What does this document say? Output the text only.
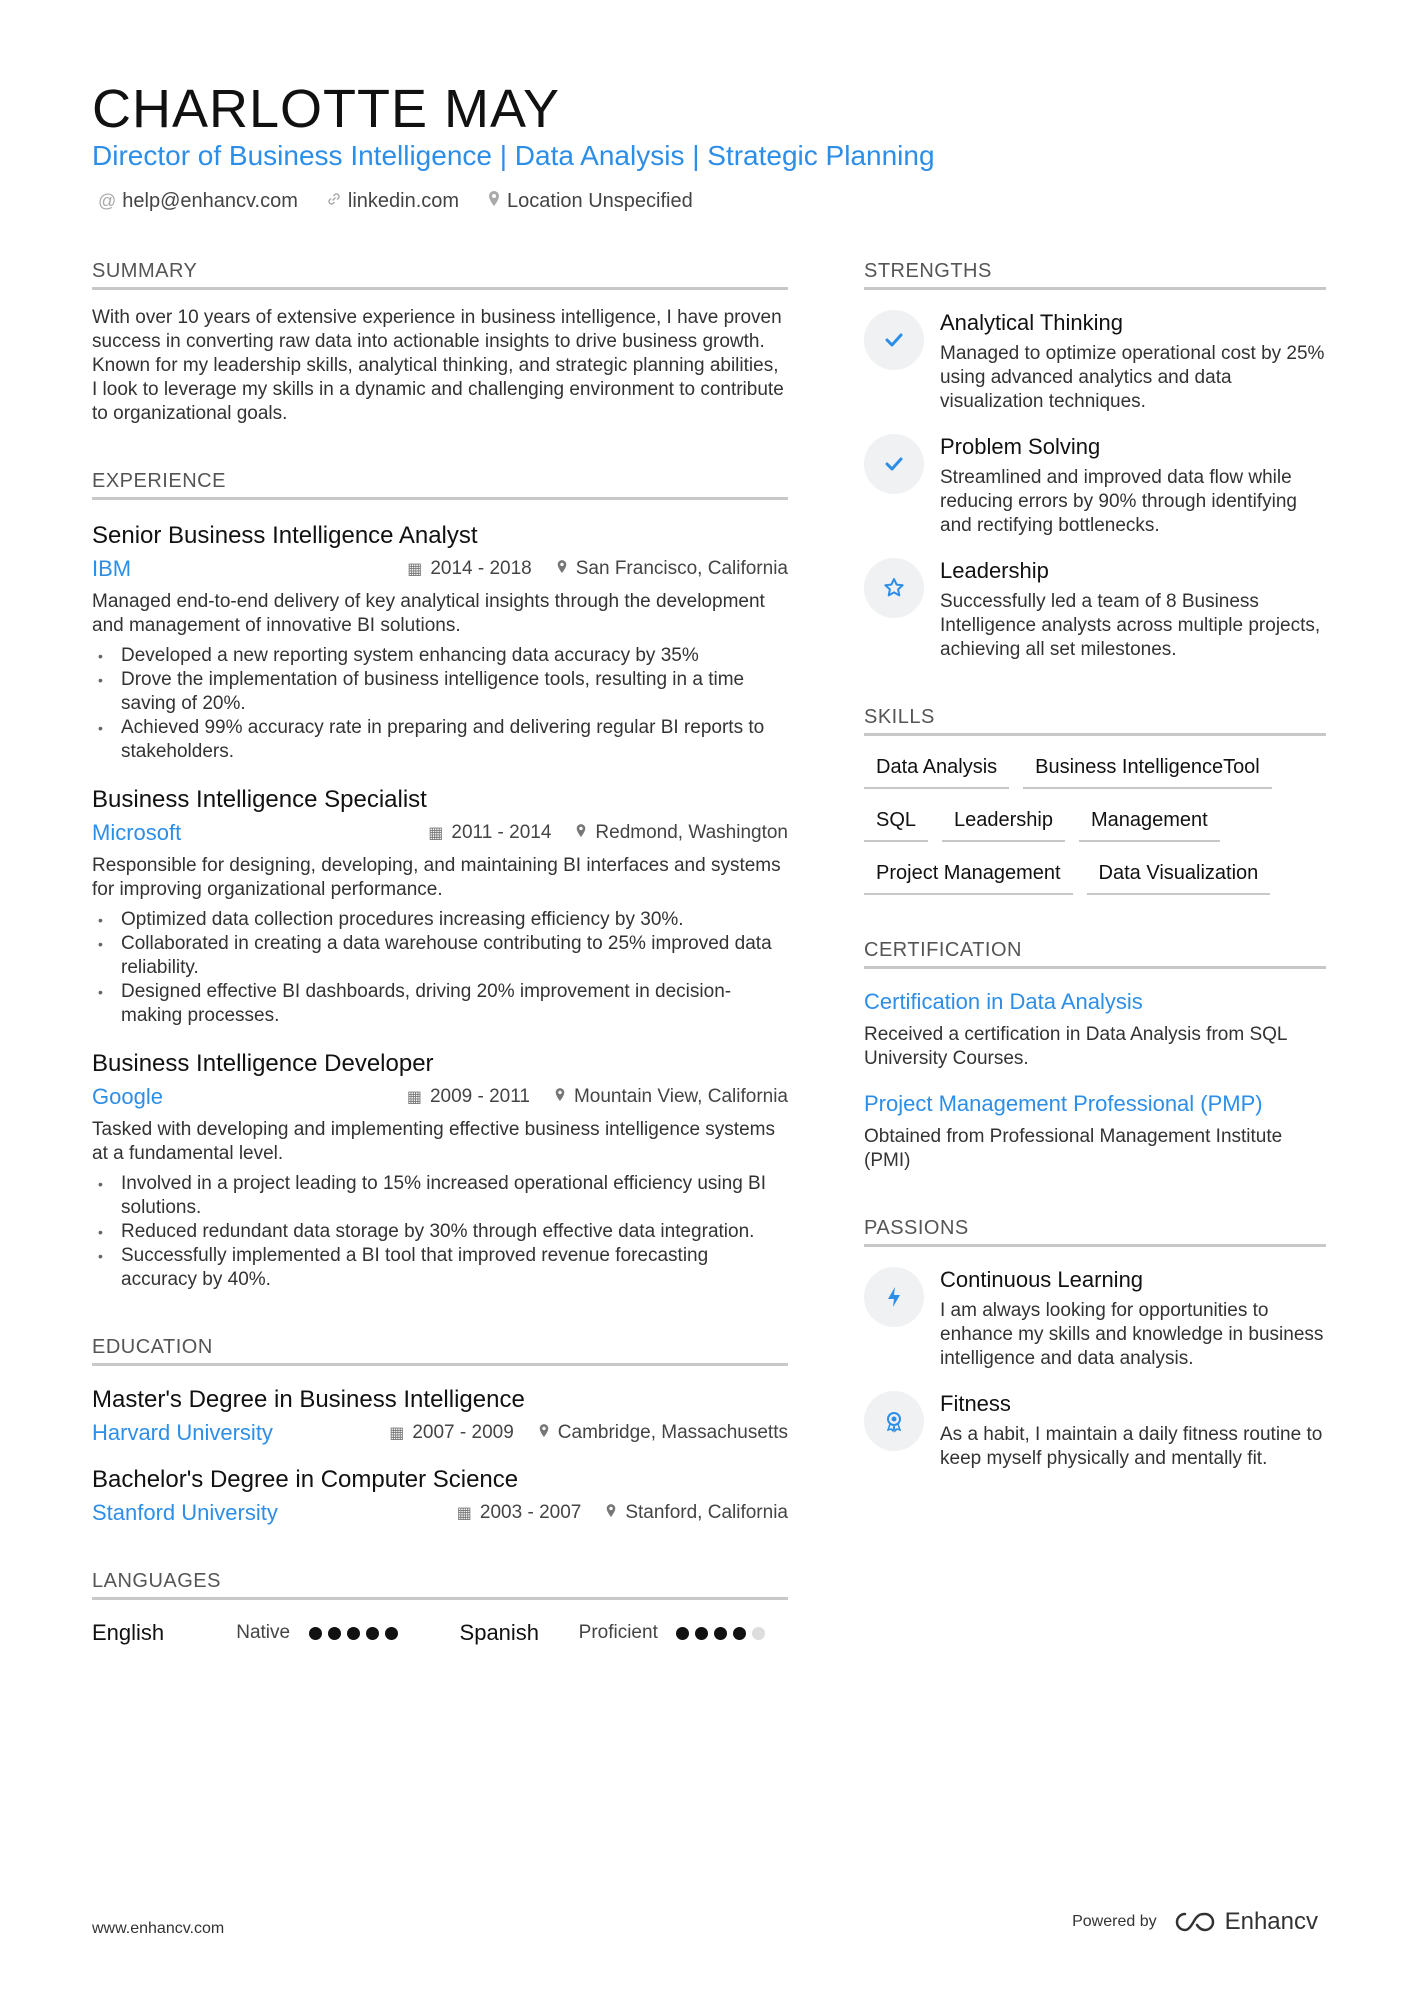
CHARLOTTE MAY
Director of Business Intelligence | Data Analysis | Strategic Planning
@ help@enhancv.com	linkedin.com Location Unspecified
SUMMARY

With over 10 years of extensive experience in business intelligence, I have proven success in converting raw data into actionable insights to drive business growth. Known for my leadership skills, analytical thinking, and strategic planning abilities, I look to leverage my skills in a dynamic and challenging environment to contribute to organizational goals.

EXPERIENCE
Senior Business Intelligence Analyst
IBM	▦ 2014 - 2018 San Francisco, California

Managed end-to-end delivery of key analytical insights through the development and management of innovative BI solutions.

• Developed a new reporting system enhancing data accuracy by 35%
• Drove the implementation of business intelligence tools, resulting in a time saving of 20%.
• Achieved 99% accuracy rate in preparing and delivering regular BI reports to stakeholders.
Business Intelligence Specialist
Microsoft	▦ 2011 - 2014 Redmond, Washington

Responsible for designing, developing, and maintaining BI interfaces and systems for improving organizational performance.

• Optimized data collection procedures increasing efficiency by 30%.
• Collaborated in creating a data warehouse contributing to 25% improved data reliability.
• Designed effective BI dashboards, driving 20% improvement in decision-making processes.
Business Intelligence Developer
Google	▦ 2009 - 2011 Mountain View, California

Tasked with developing and implementing effective business intelligence systems at a fundamental level.

• Involved in a project leading to 15% increased operational efficiency using BI solutions.
• Reduced redundant data storage by 30% through effective data integration.
• Successfully implemented a BI tool that improved revenue forecasting accuracy by 40%.
EDUCATION
Master's Degree in Business Intelligence
Harvard University	▦ 2007 - 2009 Cambridge, Massachusetts
Bachelor's Degree in Computer Science
Stanford University	▦ 2003 - 2007 Stanford, California
LANGUAGES
English	Native	Spanish	Proficient
STRENGTHS
Analytical Thinking

Managed to optimize operational cost by 25% using advanced analytics and data visualization techniques.

Problem Solving

Streamlined and improved data flow while reducing errors by 90% through identifying and rectifying bottlenecks.

Leadership

Successfully led a team of 8 Business Intelligence analysts across multiple projects, achieving all set milestones.

SKILLS
Data Analysis	Business IntelligenceTool
SQL	Leadership	Management
Project Management	Data Visualization
CERTIFICATION
Certification in Data Analysis

Received a certification in Data Analysis from SQL University Courses.

Project Management Professional (PMP)

Obtained from Professional Management Institute (PMI)

PASSIONS
Continuous Learning

I am always looking for opportunities to enhance my skills and knowledge in business intelligence and data analysis.

Fitness

As a habit, I maintain a daily fitness routine to keep myself physically and mentally fit.

www.enhancv.com	Powered by	Enhancv
